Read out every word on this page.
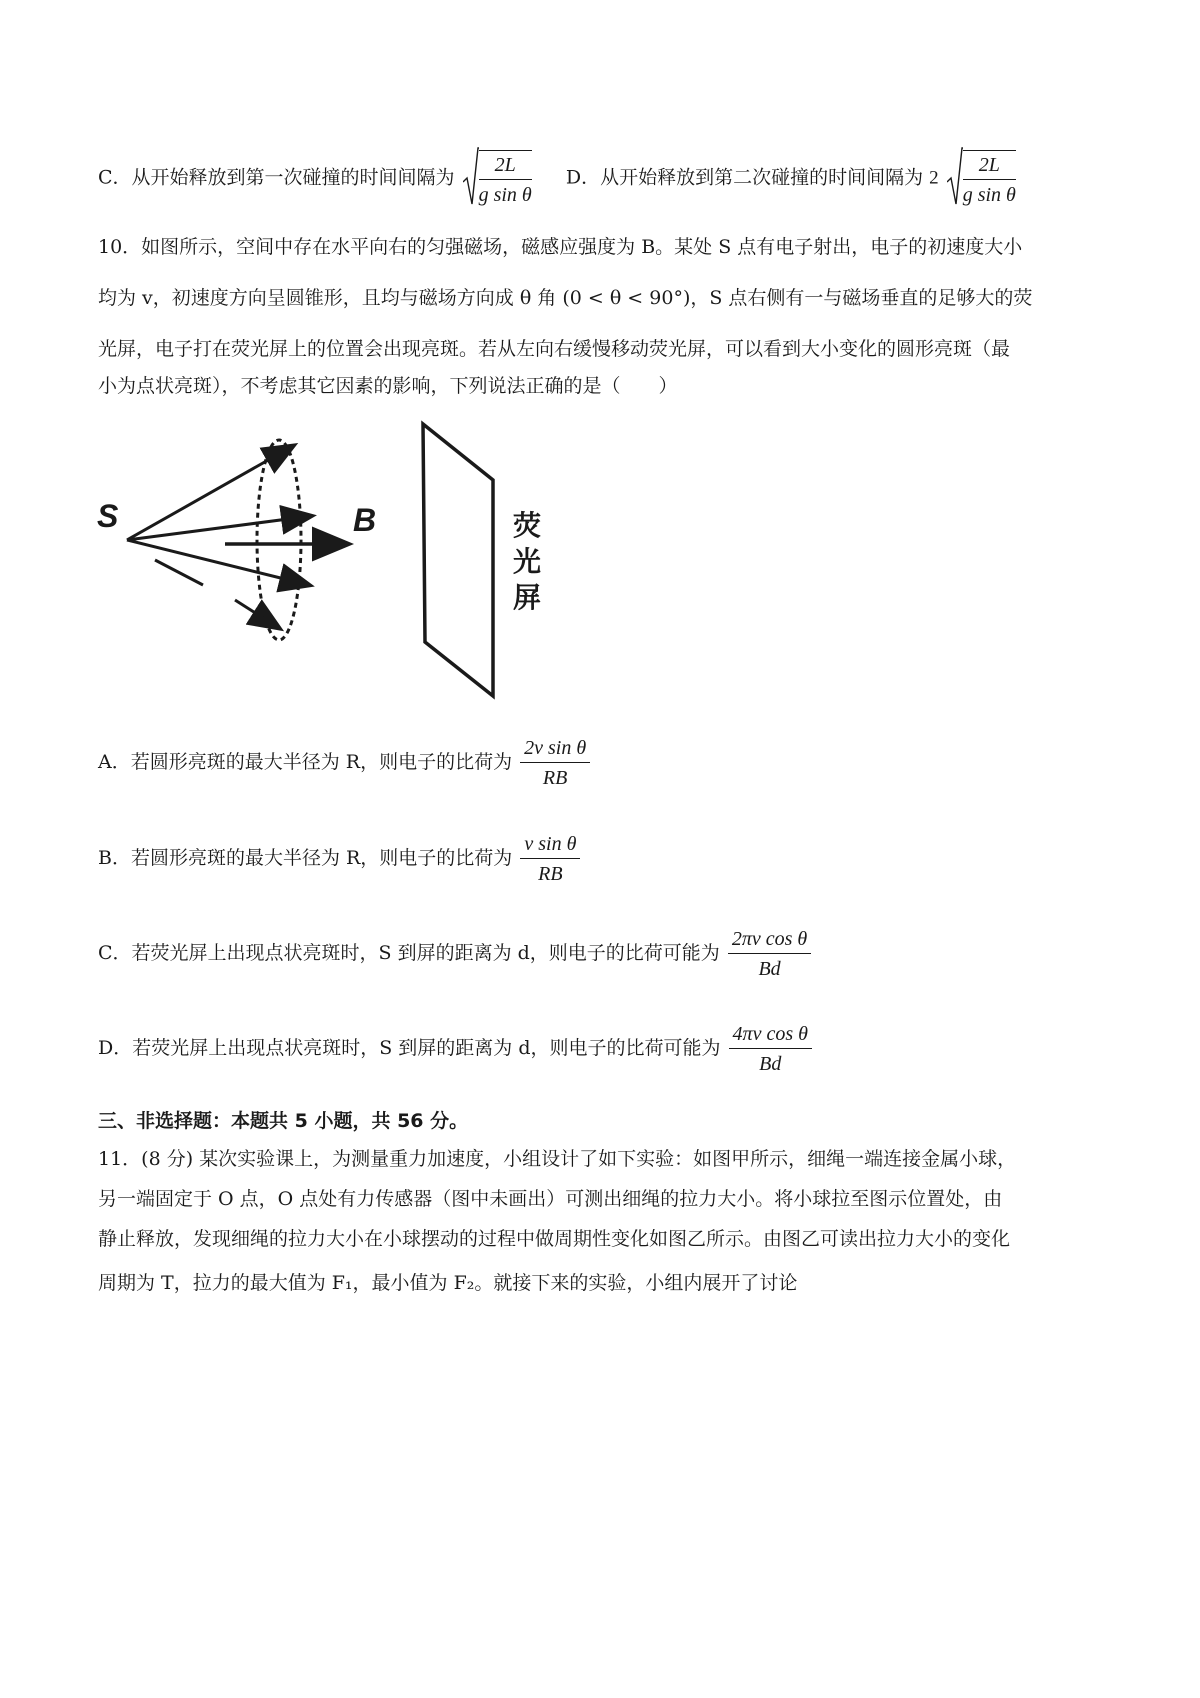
C．从开始释放到第一次碰撞的时间间隔为 $\frac{2L}{\text{g sin θ}}$ D．从开始释放到第二次碰撞的时间间隔为 $2 \frac{2L}{\text{g sin θ}}$
10．如图所示，空间中存在水平向右的匀强磁场，磁感应强度为 B。某处 S 点有电子射出，电子的初速度大小
均为 v，初速度方向呈圆锥形，且均与磁场方向成 θ 角 (0 < θ < 90°)，S 点右侧有一与磁场垂直的足够大的荧
光屏，电子打在荧光屏上的位置会出现亮斑。若从左向右缓慢移动荧光屏，可以看到大小变化的圆形亮斑（最
小为点状亮斑），不考虑其它因素的影响，下列说法正确的是（　　）
S	B	荧
光
屏
A．若圆形亮斑的最大半径为 R，则电子的比荷为 $\frac{\text{2v sin θ}}{RB}$
B．若圆形亮斑的最大半径为 R，则电子的比荷为 $\frac{\text{v sin θ}}{RB}$
C．若荧光屏上出现点状亮斑时，S 到屏的距离为 d，则电子的比荷可能为 $\frac{\text{2πv cos θ}}{Bd}$
D．若荧光屏上出现点状亮斑时，S 到屏的距离为 d，则电子的比荷可能为 $\frac{\text{4πv cos θ}}{Bd}$
三、非选择题：本题共 5 小题，共 56 分。
11．(8 分) 某次实验课上，为测量重力加速度，小组设计了如下实验：如图甲所示，细绳一端连接金属小球，
另一端固定于 O 点，O 点处有力传感器（图中未画出）可测出细绳的拉力大小。将小球拉至图示位置处，由
静止释放，发现细绳的拉力大小在小球摆动的过程中做周期性变化如图乙所示。由图乙可读出拉力大小的变化
周期为 T，拉力的最大值为 F₁，最小值为 F₂。就接下来的实验，小组内展开了讨论
